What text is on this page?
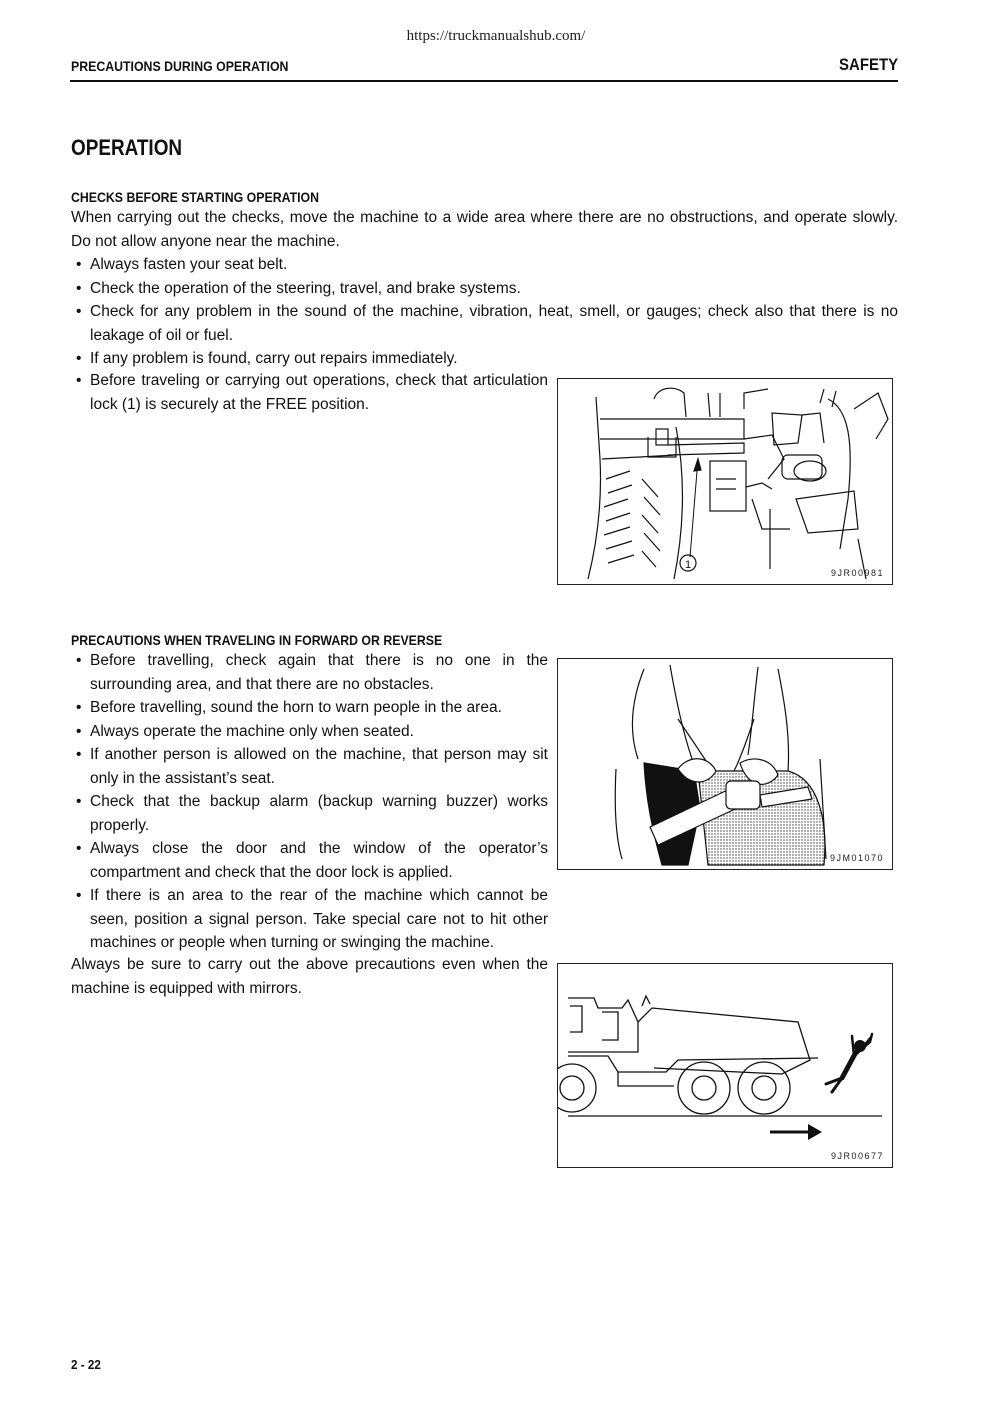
https://truckmanualshub.com/
PRECAUTIONS DURING OPERATION	SAFETY
OPERATION
CHECKS BEFORE STARTING OPERATION

When carrying out the checks, move the machine to a wide area where there are no obstructions, and operate slowly. Do not allow anyone near the machine.

• Always fasten your seat belt.
• Check the operation of the steering, travel, and brake systems.
• Check for any problem in the sound of the machine, vibration, heat, smell, or gauges; check also that there is no leakage of oil or fuel.
• If any problem is found, carry out repairs immediately.
• Before traveling or carrying out operations, check that articulation lock (1) is securely at the FREE position.
1
9JR00981
PRECAUTIONS WHEN TRAVELING IN FORWARD OR REVERSE
• Before travelling, check again that there is no one in the surrounding area, and that there are no obstacles.
• Before travelling, sound the horn to warn people in the area.
• Always operate the machine only when seated.
• If another person is allowed on the machine, that person may sit only in the assistant’s seat.
• Check that the backup alarm (backup warning buzzer) works properly.
• Always close the door and the window of the operator’s compartment and check that the door lock is applied.
• If there is an area to the rear of the machine which cannot be seen, position a signal person. Take special care not to hit other machines or people when turning or swinging the machine.

Always be sure to carry out the above precautions even when the machine is equipped with mirrors.

9JM01070
9JR00677
2 - 22
